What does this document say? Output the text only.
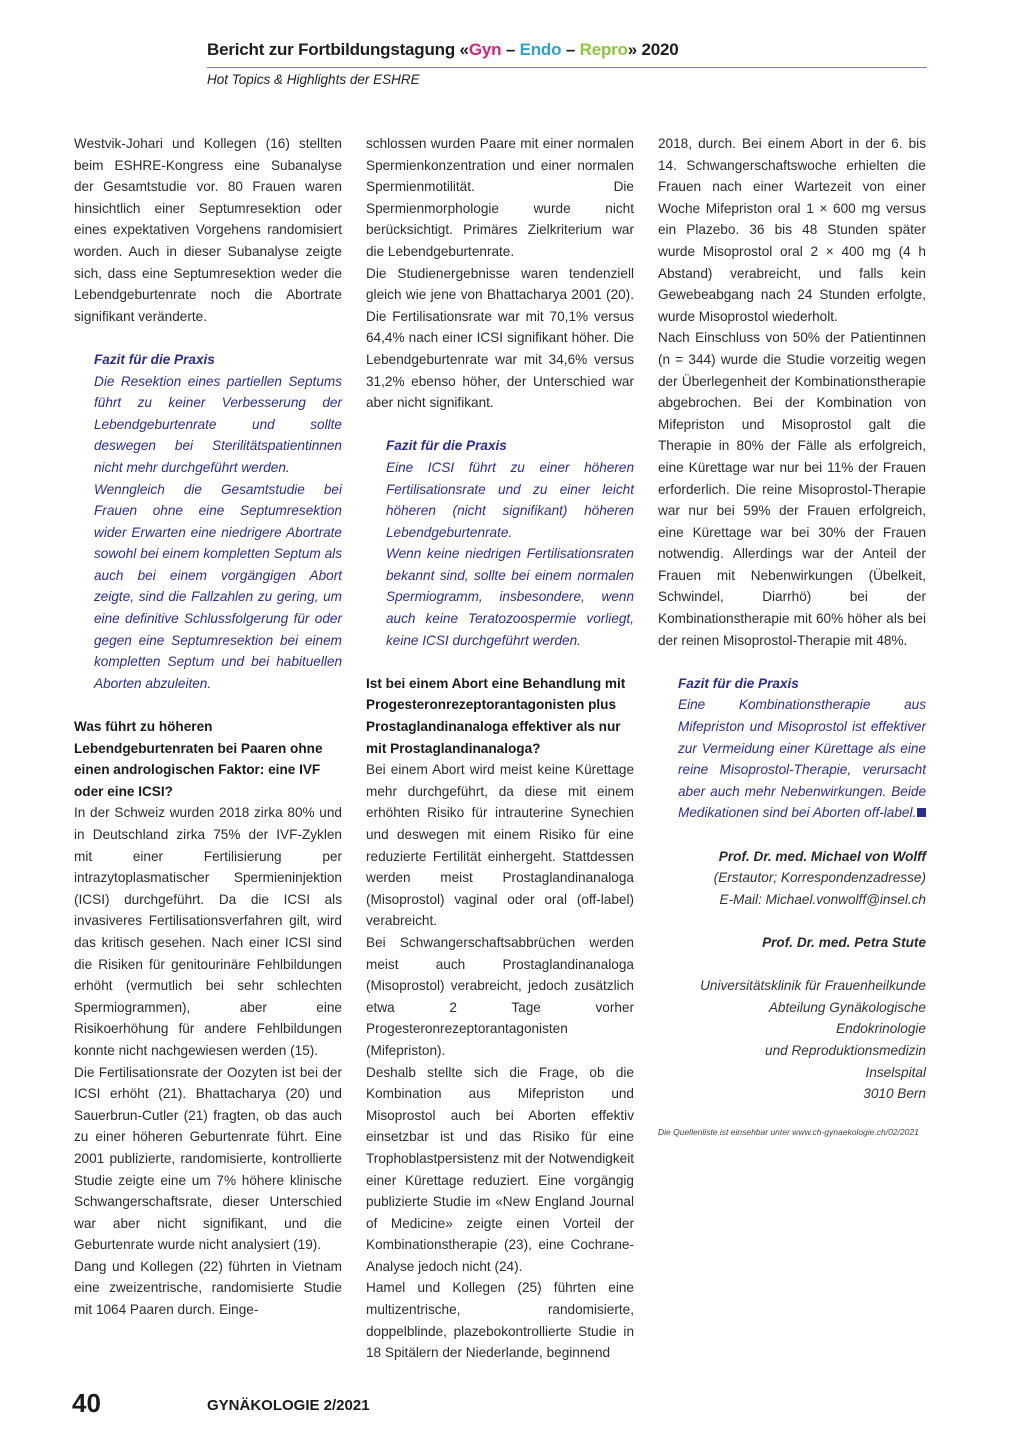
Bericht zur Fortbildungstagung «Gyn – Endo – Repro» 2020
Hot Topics & Highlights der ESHRE

Westvik-Johari und Kollegen (16) stellten beim ESHRE-Kongress eine Subanalyse der Gesamtstudie vor. 80 Frauen waren hinsichtlich einer Septumresektion oder eines expektativen Vorgehens randomisiert worden. Auch in dieser Subanalyse zeigte sich, dass eine Septumresektion weder die Lebendgeburtenrate noch die Abortrate signifikant veränderte.

Fazit für die Praxis

Die Resektion eines partiellen Septums führt zu keiner Verbesserung der Lebendgeburtenrate und sollte deswegen bei Sterilitätspatientinnen nicht mehr durchgeführt werden.

Wenngleich die Gesamtstudie bei Frauen ohne eine Septumresektion wider Erwarten eine niedrigere Abortrate sowohl bei einem kompletten Septum als auch bei einem vorgängigen Abort zeigte, sind die Fallzahlen zu gering, um eine definitive Schlussfolgerung für oder gegen eine Septumresektion bei einem kompletten Septum und bei habituellen Aborten abzuleiten.

Was führt zu höheren Lebendgeburtenraten bei Paaren ohne einen andrologischen Faktor: eine IVF oder eine ICSI?

In der Schweiz wurden 2018 zirka 80% und in Deutschland zirka 75% der IVF-Zyklen mit einer Fertilisierung per intrazytoplasmatischer Spermieninjektion (ICSI) durchgeführt. Da die ICSI als invasiveres Fertilisationsverfahren gilt, wird das kritisch gesehen. Nach einer ICSI sind die Risiken für genitourinäre Fehlbildungen erhöht (vermutlich bei sehr schlechten Spermiogrammen), aber eine Risikoerhöhung für andere Fehlbildungen konnte nicht nachgewiesen werden (15).

Die Fertilisationsrate der Oozyten ist bei der ICSI erhöht (21). Bhattacharya (20) und Sauerbrun-Cutler (21) fragten, ob das auch zu einer höheren Geburtenrate führt. Eine 2001 publizierte, randomisierte, kontrollierte Studie zeigte eine um 7% höhere klinische Schwangerschaftsrate, dieser Unterschied war aber nicht signifikant, und die Geburtenrate wurde nicht analysiert (19).

Dang und Kollegen (22) führten in Vietnam eine zweizentrische, randomisierte Studie mit 1064 Paaren durch. Einge-

schlossen wurden Paare mit einer normalen Spermienkonzentration und einer normalen Spermienmotilität. Die Spermienmorphologie wurde nicht berücksichtigt. Primäres Zielkriterium war die Lebendgeburtenrate.

Die Studienergebnisse waren tendenziell gleich wie jene von Bhattacharya 2001 (20). Die Fertilisationsrate war mit 70,1% versus 64,4% nach einer ICSI signifikant höher. Die Lebendgeburtenrate war mit 34,6% versus 31,2% ebenso höher, der Unterschied war aber nicht signifikant.

Fazit für die Praxis

Eine ICSI führt zu einer höheren Fertilisationsrate und zu einer leicht höheren (nicht signifikant) höheren Lebendgeburtenrate.

Wenn keine niedrigen Fertilisationsraten bekannt sind, sollte bei einem normalen Spermiogramm, insbesondere, wenn auch keine Teratozoospermie vorliegt, keine ICSI durchgeführt werden.

Ist bei einem Abort eine Behandlung mit Progesteronrezeptorantagonisten plus Prostaglandinanaloga effektiver als nur mit Prostaglandinanaloga?

Bei einem Abort wird meist keine Kürettage mehr durchgeführt, da diese mit einem erhöhten Risiko für intrauterine Synechien und deswegen mit einem Risiko für eine reduzierte Fertilität einhergeht. Stattdessen werden meist Prostaglandinanaloga (Misoprostol) vaginal oder oral (off-label) verabreicht.

Bei Schwangerschaftsabbrüchen werden meist auch Prostaglandinanaloga (Misoprostol) verabreicht, jedoch zusätzlich etwa 2 Tage vorher Progesteronrezeptorantagonisten (Mifepriston).

Deshalb stellte sich die Frage, ob die Kombination aus Mifepriston und Misoprostol auch bei Aborten effektiv einsetzbar ist und das Risiko für eine Trophoblastpersistenz mit der Notwendigkeit einer Kürettage reduziert. Eine vorgängig publizierte Studie im «New England Journal of Medicine» zeigte einen Vorteil der Kombinationstherapie (23), eine Cochrane-Analyse jedoch nicht (24).

Hamel und Kollegen (25) führten eine multizentrische, randomisierte, doppelblinde, plazebokontrollierte Studie in 18 Spitälern der Niederlande, beginnend

2018, durch. Bei einem Abort in der 6. bis 14. Schwangerschaftswoche erhielten die Frauen nach einer Wartezeit von einer Woche Mifepriston oral 1 × 600 mg versus ein Plazebo. 36 bis 48 Stunden später wurde Misoprostol oral 2 × 400 mg (4 h Abstand) verabreicht, und falls kein Gewebeabgang nach 24 Stunden erfolgte, wurde Misoprostol wiederholt.

Nach Einschluss von 50% der Patientinnen (n = 344) wurde die Studie vorzeitig wegen der Überlegenheit der Kombinationstherapie abgebrochen. Bei der Kombination von Mifepriston und Misoprostol galt die Therapie in 80% der Fälle als erfolgreich, eine Kürettage war nur bei 11% der Frauen erforderlich. Die reine Misoprostol-Therapie war nur bei 59% der Frauen erfolgreich, eine Kürettage war bei 30% der Frauen notwendig. Allerdings war der Anteil der Frauen mit Nebenwirkungen (Übelkeit, Schwindel, Diarrhö) bei der Kombinationstherapie mit 60% höher als bei der reinen Misoprostol-Therapie mit 48%.

Fazit für die Praxis

Eine Kombinationstherapie aus Mifepriston und Misoprostol ist effektiver zur Vermeidung einer Kürettage als eine reine Misoprostol-Therapie, verursacht aber auch mehr Nebenwirkungen. Beide Medikationen sind bei Aborten off-label.

Prof. Dr. med. Michael von Wolff
(Erstautor; Korrespondenzadresse)
E-Mail: Michael.vonwolff@insel.ch
Prof. Dr. med. Petra Stute
Universitätsklinik für Frauenheilkunde
Abteilung Gynäkologische
Endokrinologie
und Reproduktionsmedizin
Inselspital
3010 Bern
Die Quellenliste ist einsehbar unter www.ch-gynaekologie.ch/02/2021
40	GYNÄKOLOGIE 2/2021
